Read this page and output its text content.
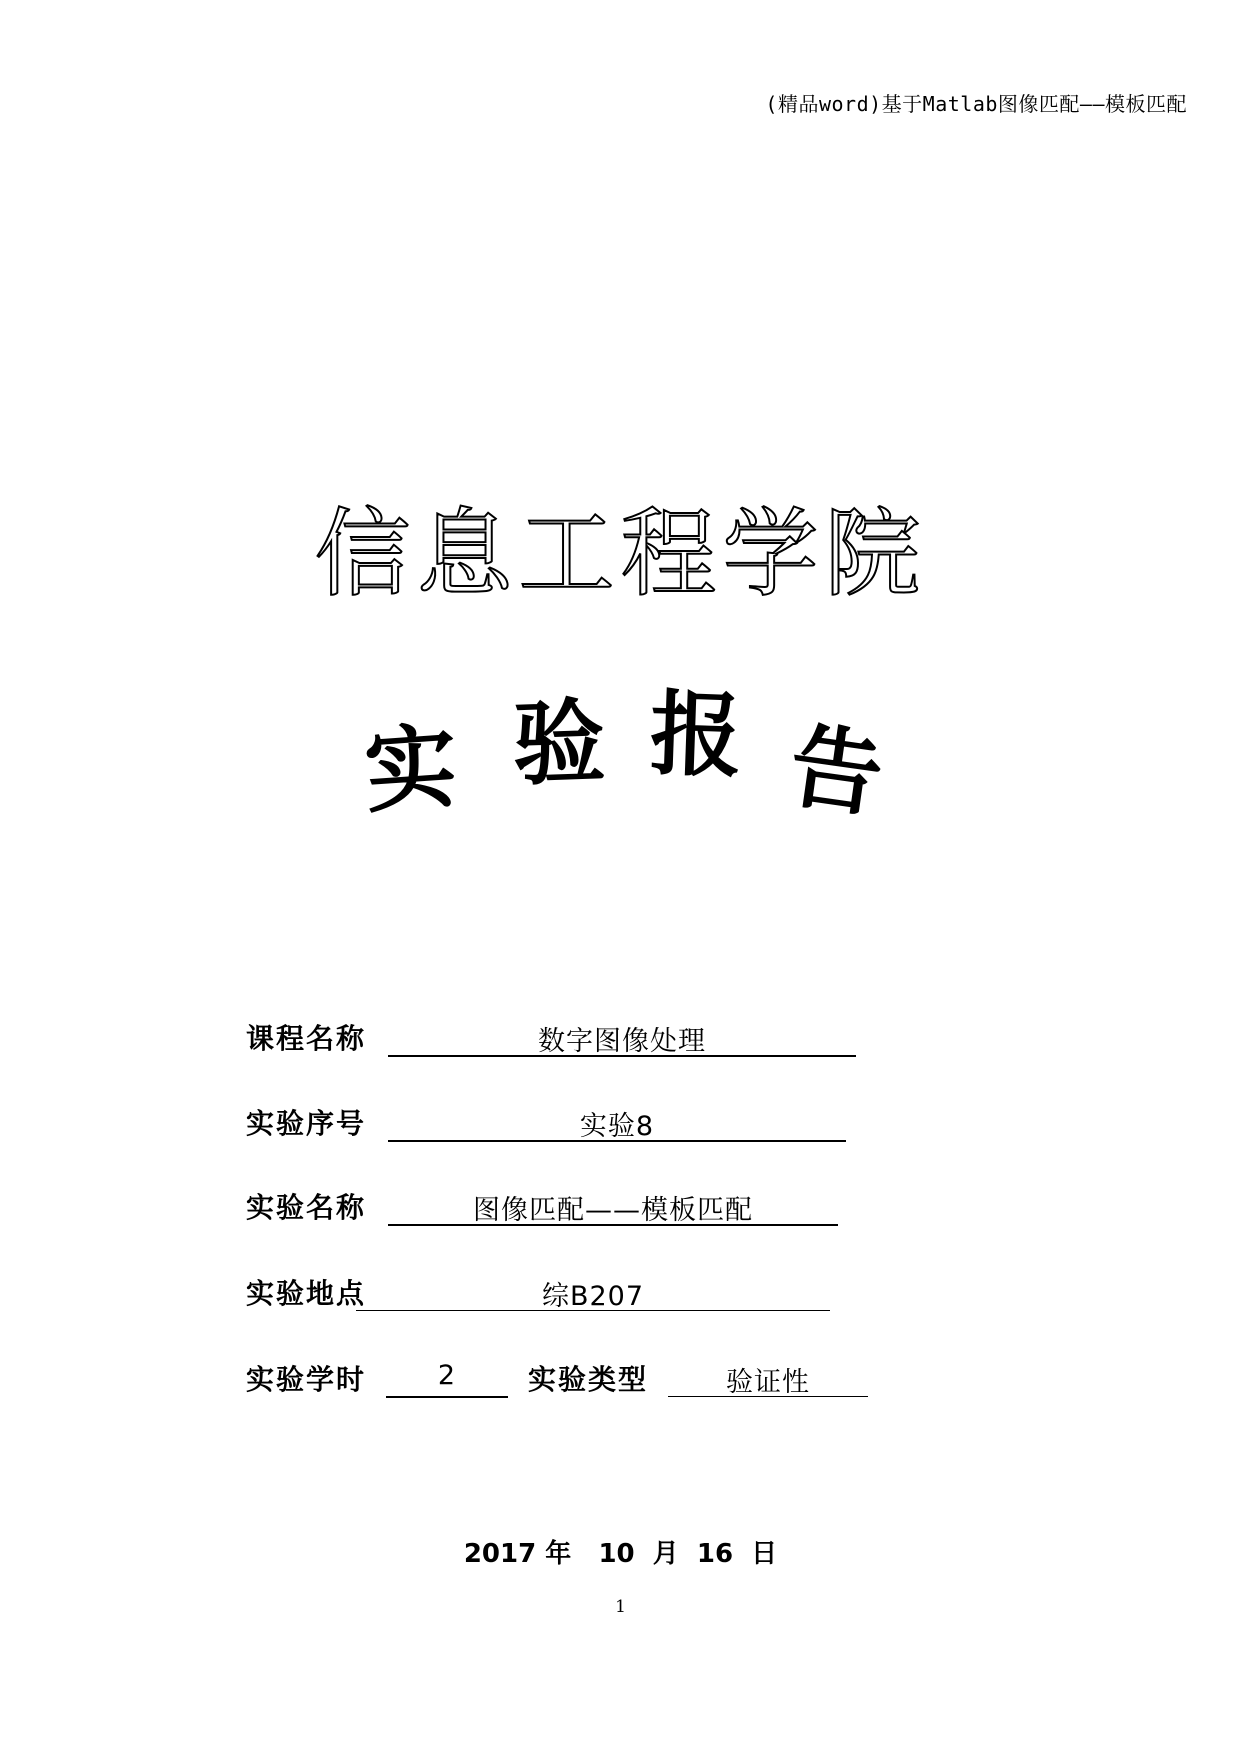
(精品word)基于Matlab图像匹配——模板匹配
信息工程学院
实 验 报 告
课程名称	数字图像处理
实验序号	实验8
实验名称	图像匹配——模板匹配
实验地点	综B207
实验学时	2	实验类型	验证性
2017 年 10 月 16 日
1
